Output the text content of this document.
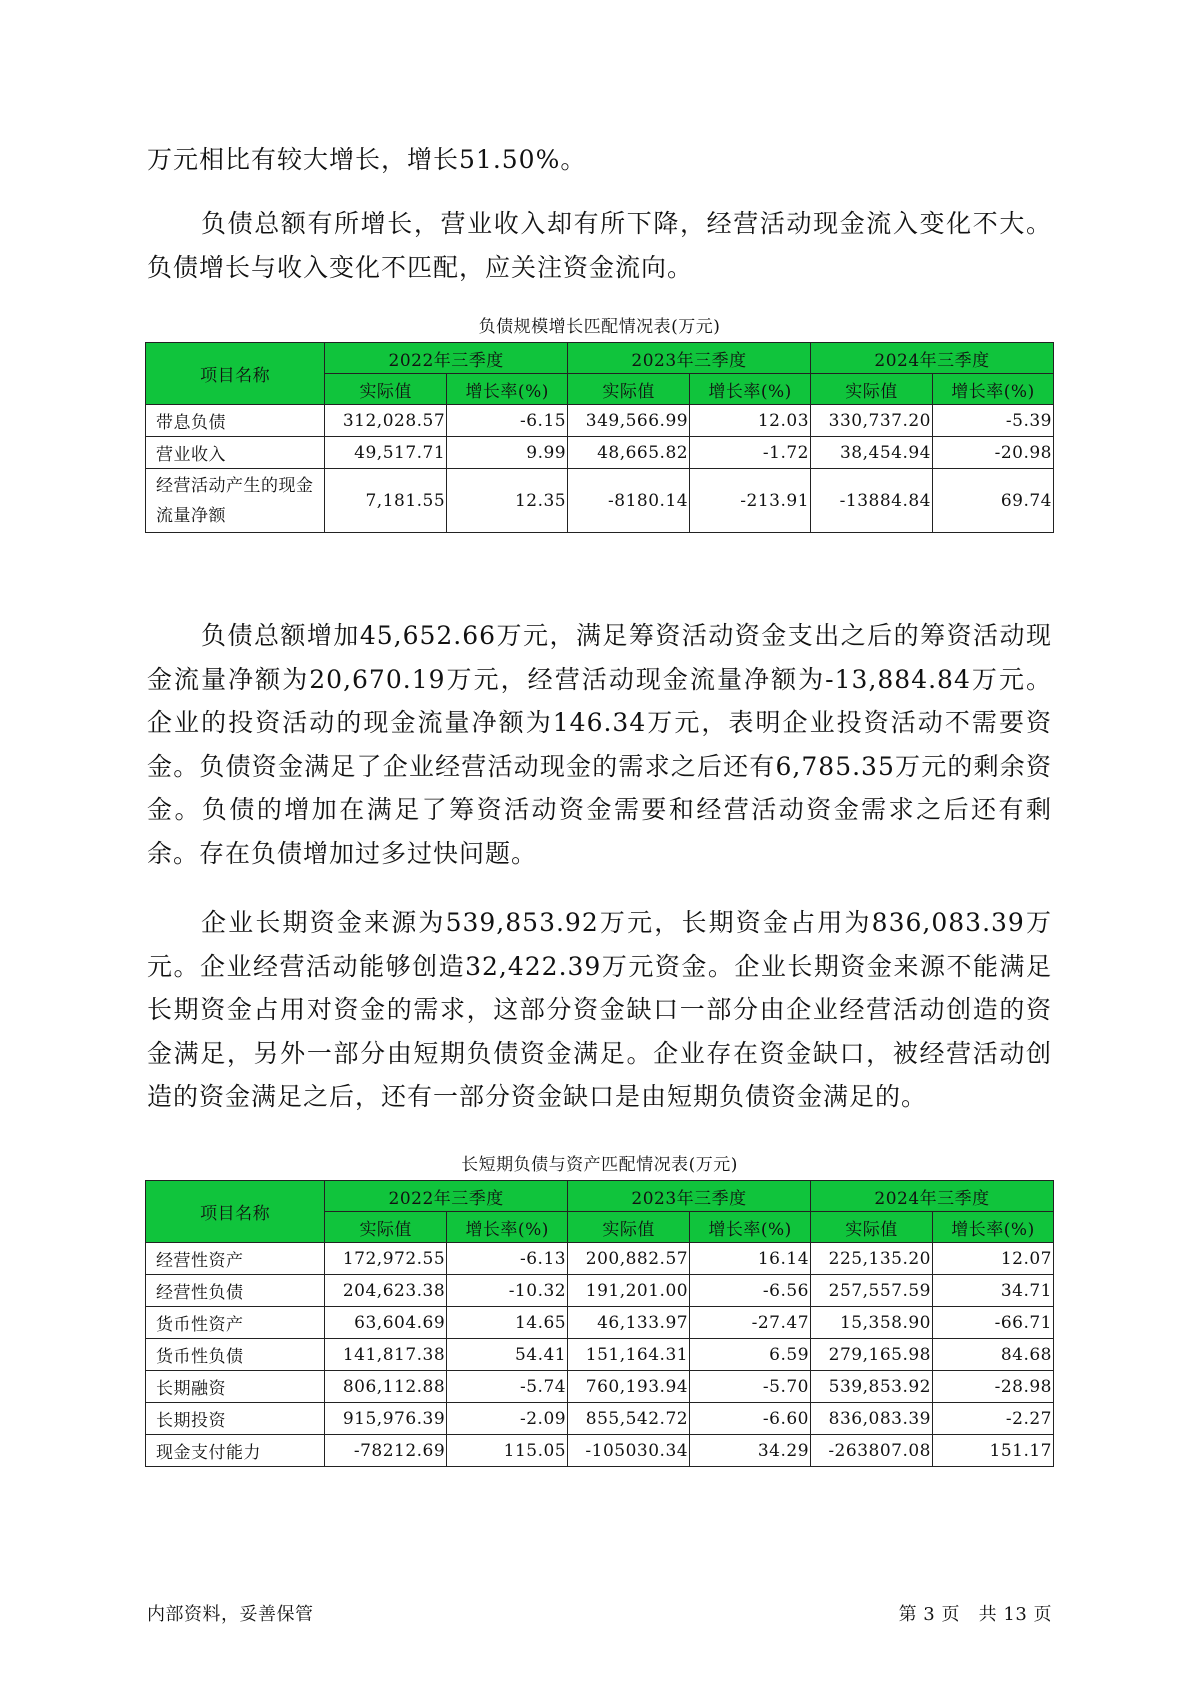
万元相比有较大增长，增长51.50%。

负债总额有所增长，营业收入却有所下降，经营活动现金流入变化不大。负债增长与收入变化不匹配，应关注资金流向。

负债规模增长匹配情况表(万元)
项目名称	2022年三季度		2023年三季度		2024年三季度	
	实际值	增长率(%)	实际值	增长率(%)	实际值	增长率(%)
带息负债	312,028.57	-6.15	349,566.99	12.03	330,737.20	-5.39
营业收入	49,517.71	9.99	48,665.82	-1.72	38,454.94	-20.98
经营活动产生的现金流量净额	7,181.55	12.35	-8180.14	-213.91	-13884.84	69.74

负债总额增加45,652.66万元，满足筹资活动资金支出之后的筹资活动现金流量净额为20,670.19万元，经营活动现金流量净额为-13,884.84万元。企业的投资活动的现金流量净额为146.34万元，表明企业投资活动不需要资金。负债资金满足了企业经营活动现金的需求之后还有6,785.35万元的剩余资金。负债的增加在满足了筹资活动资金需要和经营活动资金需求之后还有剩余。存在负债增加过多过快问题。

企业长期资金来源为539,853.92万元，长期资金占用为836,083.39万元。企业经营活动能够创造32,422.39万元资金。企业长期资金来源不能满足长期资金占用对资金的需求，这部分资金缺口一部分由企业经营活动创造的资金满足，另外一部分由短期负债资金满足。企业存在资金缺口，被经营活动创造的资金满足之后，还有一部分资金缺口是由短期负债资金满足的。

长短期负债与资产匹配情况表(万元)
项目名称	2022年三季度		2023年三季度		2024年三季度	
	实际值	增长率(%)	实际值	增长率(%)	实际值	增长率(%)
经营性资产	172,972.55	-6.13	200,882.57	16.14	225,135.20	12.07
经营性负债	204,623.38	-10.32	191,201.00	-6.56	257,557.59	34.71
货币性资产	63,604.69	14.65	46,133.97	-27.47	15,358.90	-66.71
货币性负债	141,817.38	54.41	151,164.31	6.59	279,165.98	84.68
长期融资	806,112.88	-5.74	760,193.94	-5.70	539,853.92	-28.98
长期投资	915,976.39	-2.09	855,542.72	-6.60	836,083.39	-2.27
现金支付能力	-78212.69	115.05	-105030.34	34.29	-263807.08	151.17
内部资料，妥善保管	第 3 页 共 13 页
